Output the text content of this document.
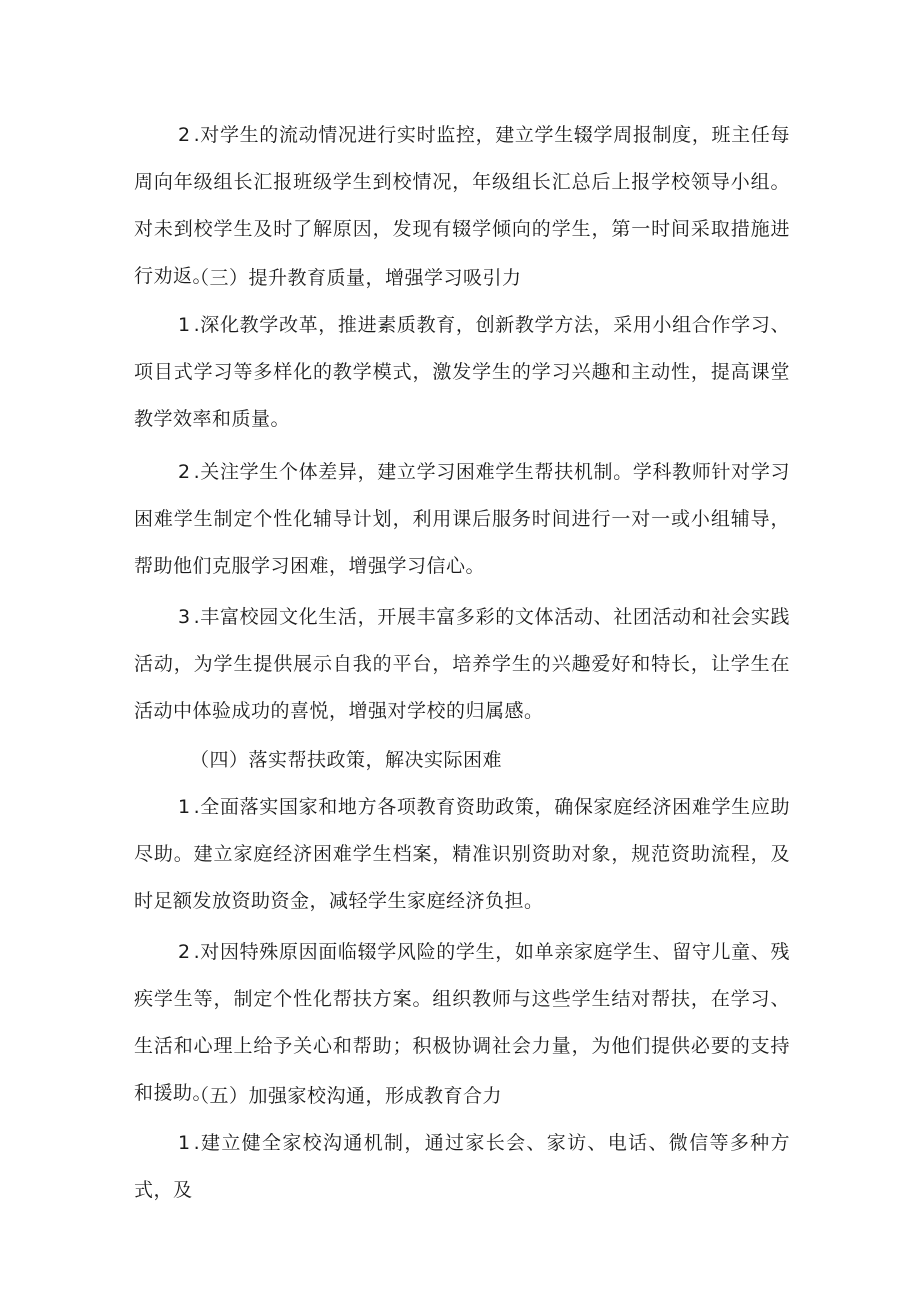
2 .对学生的流动情况进行实时监控，建立学生辍学周报制度，班主任每周向年级组长汇报班级学生到校情况，年级组长汇总后上报学校领导小组。对未到校学生及时了解原因，发现有辍学倾向的学生，第一时间采取措施进行劝返。

（三）提升教育质量，增强学习吸引力

1 .深化教学改革，推进素质教育，创新教学方法，采用小组合作学习、项目式学习等多样化的教学模式，激发学生的学习兴趣和主动性，提高课堂教学效率和质量。

2 .关注学生个体差异，建立学习困难学生帮扶机制。学科教师针对学习困难学生制定个性化辅导计划，利用课后服务时间进行一对一或小组辅导，帮助他们克服学习困难，增强学习信心。

3 .丰富校园文化生活，开展丰富多彩的文体活动、社团活动和社会实践活动，为学生提供展示自我的平台，培养学生的兴趣爱好和特长，让学生在活动中体验成功的喜悦，增强对学校的归属感。

（四）落实帮扶政策，解决实际困难

1 .全面落实国家和地方各项教育资助政策，确保家庭经济困难学生应助尽助。建立家庭经济困难学生档案，精准识别资助对象，规范资助流程，及时足额发放资助资金，减轻学生家庭经济负担。

2 .对因特殊原因面临辍学风险的学生，如单亲家庭学生、留守儿童、残疾学生等，制定个性化帮扶方案。组织教师与这些学生结对帮扶，在学习、生活和心理上给予关心和帮助；积极协调社会力量，为他们提供必要的支持和援助。

（五）加强家校沟通，形成教育合力

1 .建立健全家校沟通机制，通过家长会、家访、电话、微信等多种方式，及
